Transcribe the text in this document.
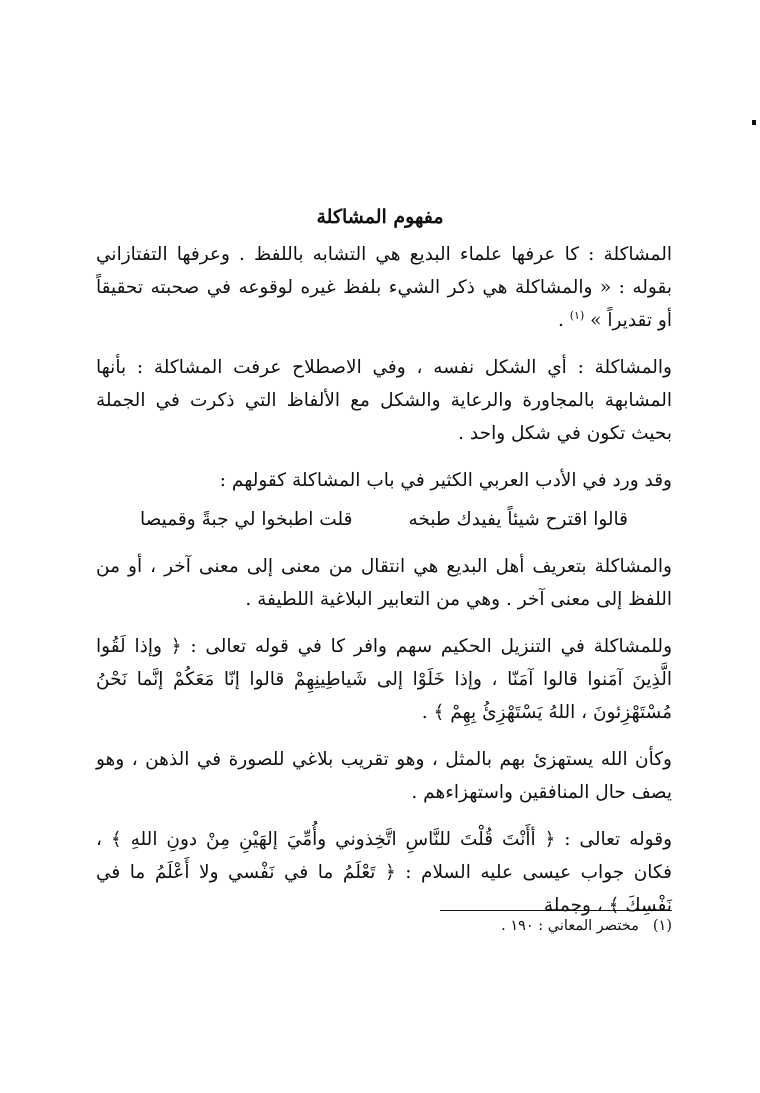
مفهوم المشاكلة

المشاكلة : كا عرفها علماء البديع هي التشابه باللفظ . وعرفها التفتازاني بقوله : « والمشاكلة هي ذكر الشيء بلفظ غيره لوقوعه في صحبته تحقيقاً أو تقديراً » $^{(١)}$ .

والمشاكلة : أي الشكل نفسه ، وفي الاصطلاح عرفت المشاكلة : بأنها المشابهة بالمجاورة والرعاية والشكل مع الألفاظ التي ذكرت في الجملة بحيث تكون في شكل واحد .

وقد ورد في الأدب العربي الكثير في باب المشاكلة كقولهم :

قالوا اقترح شيئاً يفيدك طبخه
قلت اطبخوا لي جبةً وقميصا

والمشاكلة بتعريف أهل البديع هي انتقال من معنى إلى معنى آخر ، أو من اللفظ إلى معنى آخر . وهي من التعابير البلاغية اللطيفة .

وللمشاكلة في التنزيل الحكيم سهم وافر كا في قوله تعالى : ﴿ وإذا لَقُوا الَّذِينَ آمَنوا قالوا آمَنّا ، وإذا خَلَوْا إلى شَياطِينِهِمْ قالوا إنّا مَعَكُمْ إنَّما نَحْنُ مُسْتَهْزِئونَ ، اللهُ يَسْتَهْزِئُ بِهِمْ ﴾ .

وكأن الله يستهزئ بهم بالمثل ، وهو تقريب بلاغي للصورة في الذهن ، وهو يصف حال المنافقين واستهزاءهم .

وقوله تعالى : ﴿ أأَنْتَ قُلْتَ للنَّاسِ اتَّخِذوني وأُمِّيَ إلهَيْنِ مِنْ دونِ اللهِ ﴾ ، فكان جواب عيسى عليه السلام : ﴿ تَعْلَمُ ما في نَفْسي ولا أَعْلَمُ ما في نَفْسِكَ ﴾ ، وجملة

(١)مختصر المعاني : ١٩٠ .
